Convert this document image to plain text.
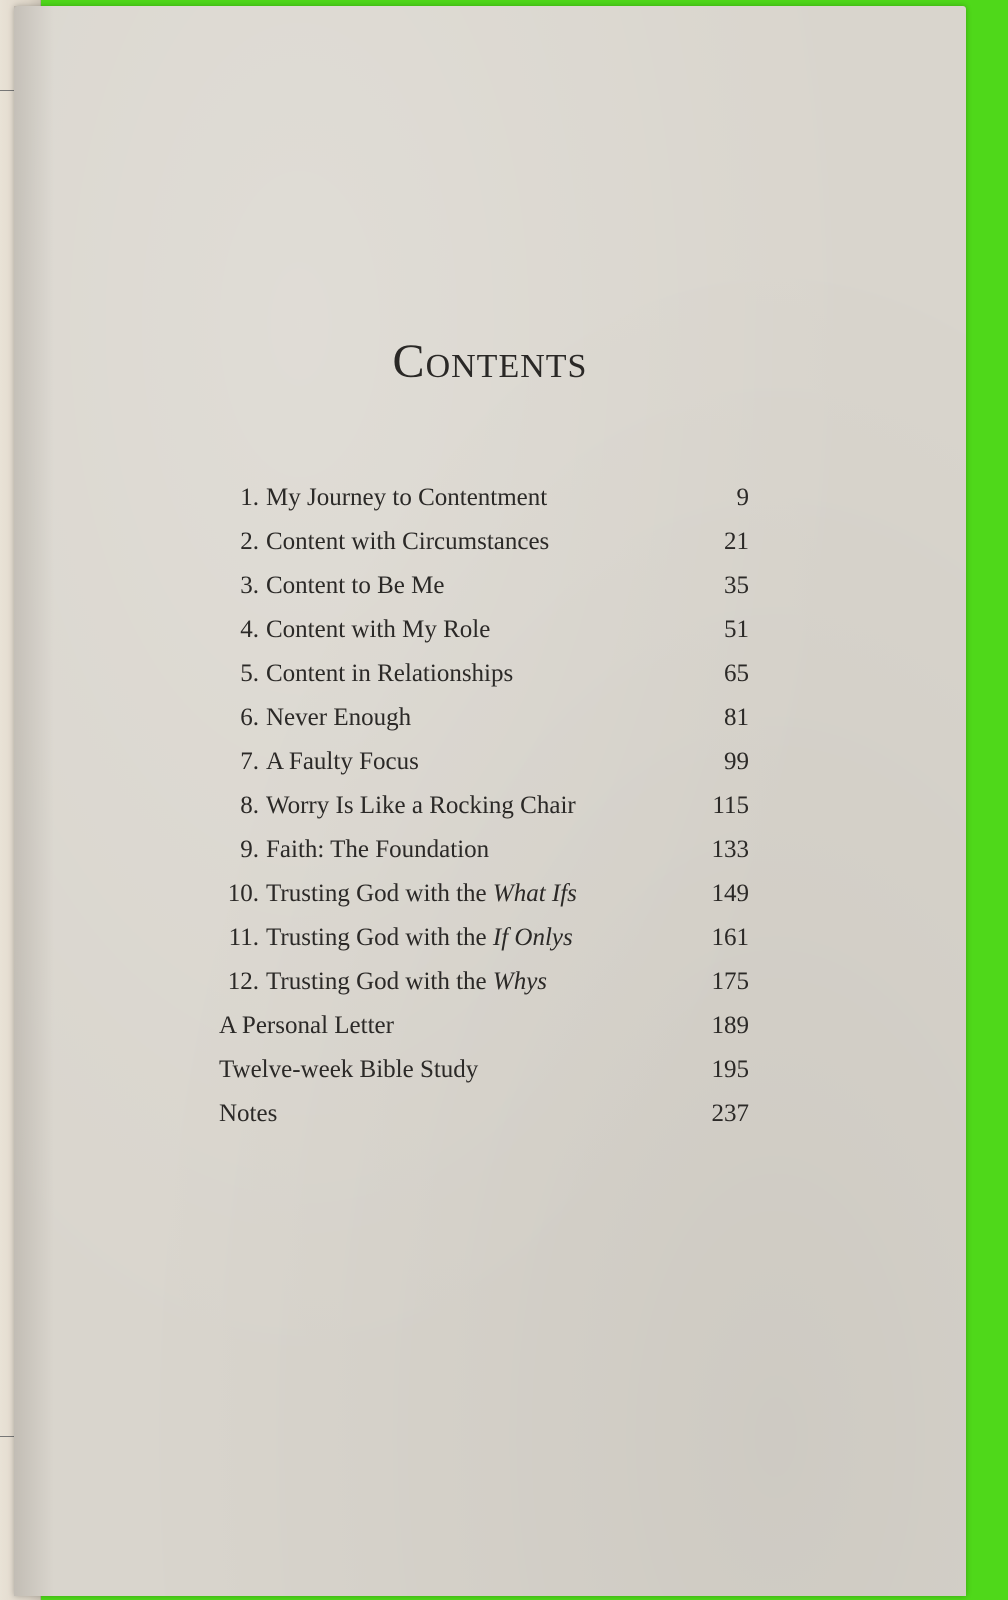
Contents
1. My Journey to Contentment	9
2. Content with Circumstances	21
3. Content to Be Me	35
4. Content with My Role	51
5. Content in Relationships	65
6. Never Enough	81
7. A Faulty Focus	99
8. Worry Is Like a Rocking Chair	115
9. Faith: The Foundation	133
10. Trusting God with the What Ifs	149
11. Trusting God with the If Onlys	161
12. Trusting God with the Whys	175
A Personal Letter	189
Twelve-week Bible Study	195
Notes	237
